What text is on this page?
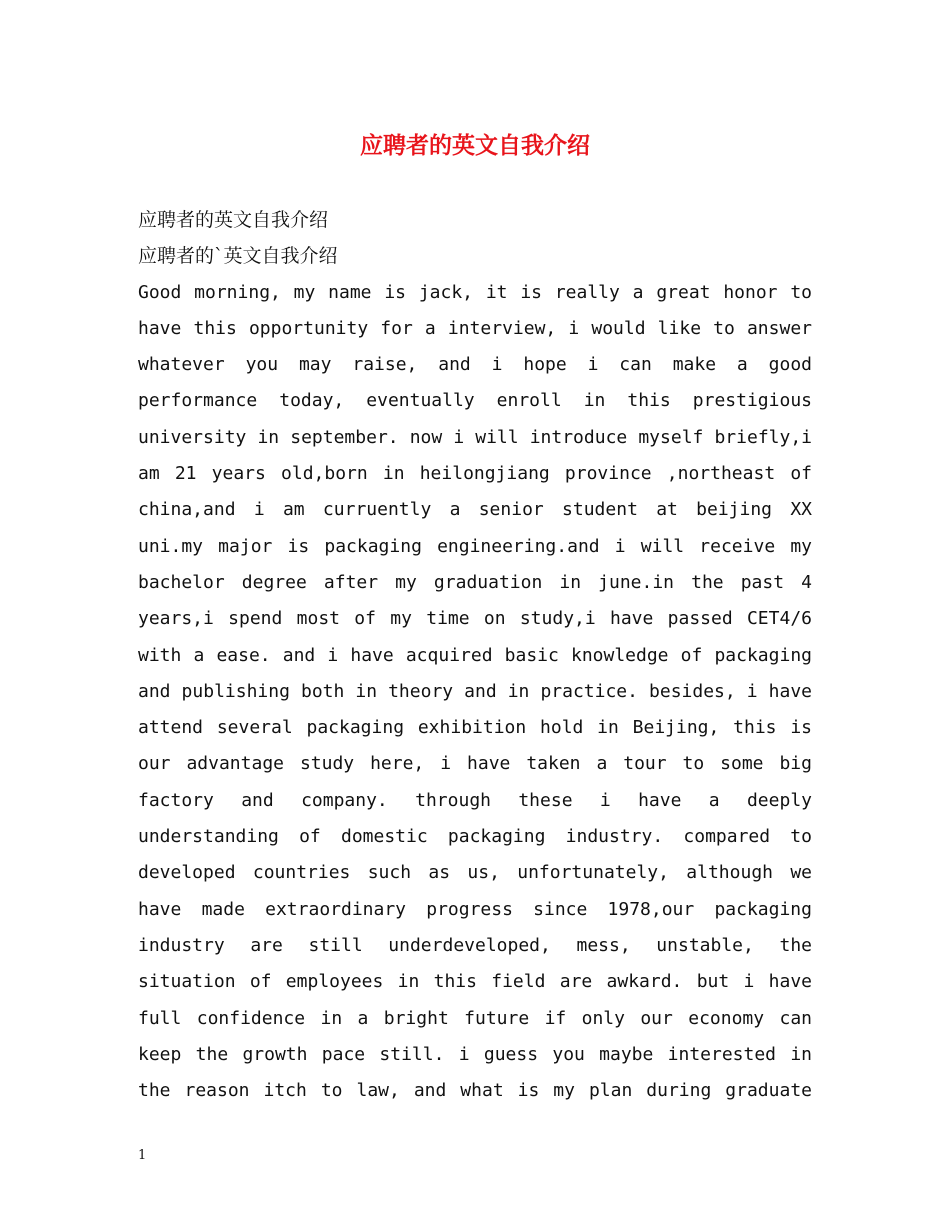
应聘者的英文自我介绍
应聘者的英文自我介绍
应聘者的`英文自我介绍
Good morning, my name is jack, it is really a great honor to
have this opportunity for a interview, i would like to answer
whatever you may raise, and i hope i can make a good
performance today, eventually enroll in this prestigious
university in september. now i will introduce myself briefly,i
am 21 years old,born in heilongjiang province ,northeast of
china,and i am curruently a senior student at beijing XX
uni.my major is packaging engineering.and i will receive my
bachelor degree after my graduation in june.in the past 4
years,i spend most of my time on study,i have passed CET4/6
with a ease. and i have acquired basic knowledge of packaging
and publishing both in theory and in practice. besides, i have
attend several packaging exhibition hold in Beijing, this is
our advantage study here, i have taken a tour to some big
factory and company. through these i have a deeply
understanding of domestic packaging industry. compared to
developed countries such as us, unfortunately, although we
have made extraordinary progress since 1978,our packaging
industry are still underdeveloped, mess, unstable, the
situation of employees in this field are awkard. but i have
full confidence in a bright future if only our economy can
keep the growth pace still. i guess you maybe interested in
the reason itch to law, and what is my plan during graduate
1
